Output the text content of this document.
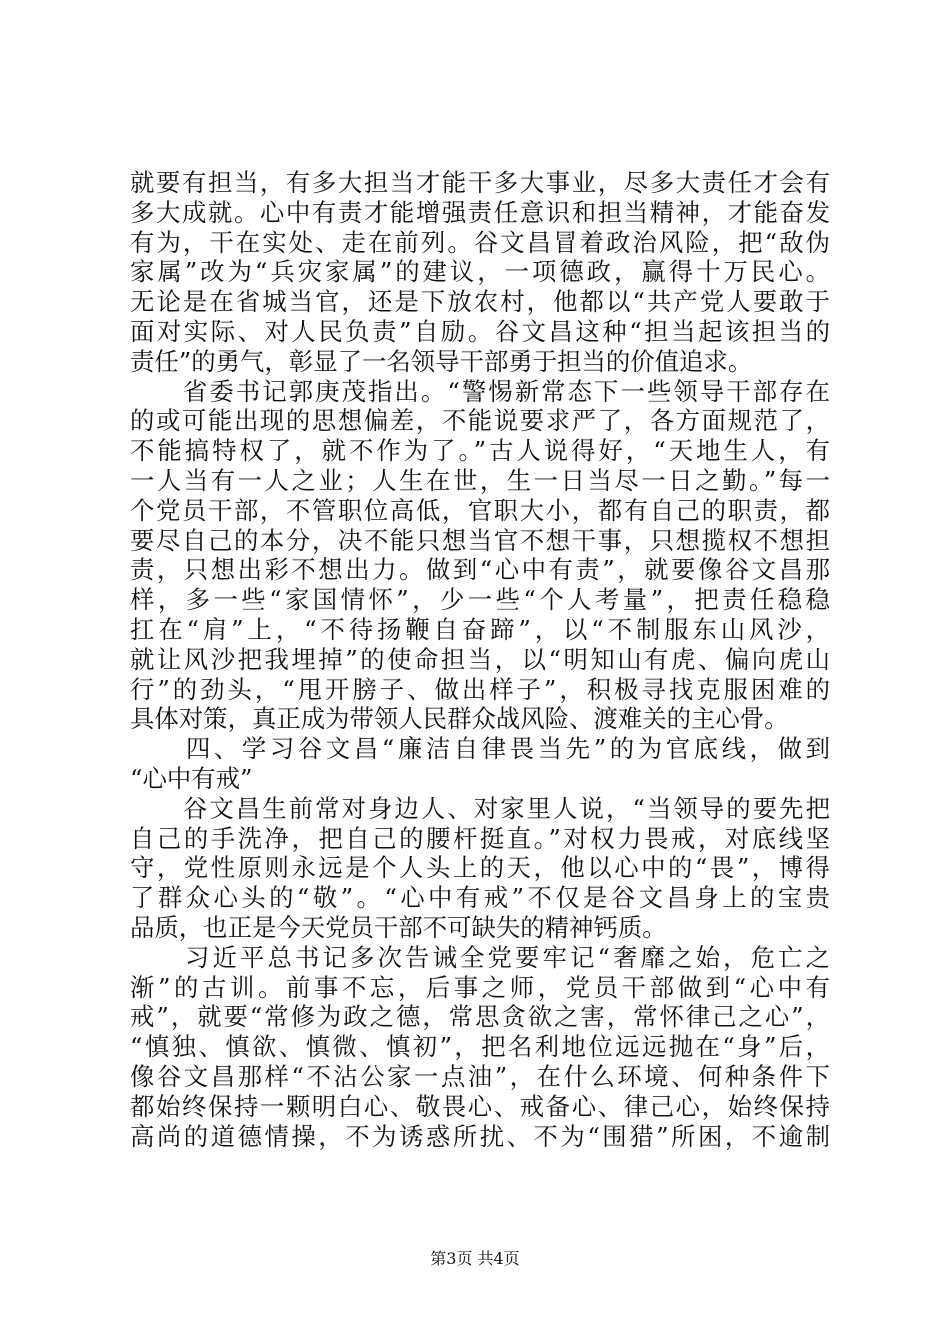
就要有担当，有多大担当才能干多大事业，尽多大责任才会有
多大成就。心中有责才能增强责任意识和担当精神，才能奋发
有为，干在实处、走在前列。谷文昌冒着政治风险，把“敌伪
家属”改为“兵灾家属”的建议，一项德政，赢得十万民心。
无论是在省城当官，还是下放农村，他都以“共产党人要敢于
面对实际、对人民负责”自励。谷文昌这种“担当起该担当的
责任”的勇气，彰显了一名领导干部勇于担当的价值追求。
　　省委书记郭庚茂指出。“警惕新常态下一些领导干部存在
的或可能出现的思想偏差，不能说要求严了，各方面规范了，
不能搞特权了，就不作为了。”古人说得好，“天地生人，有
一人当有一人之业；人生在世，生一日当尽一日之勤。”每一
个党员干部，不管职位高低，官职大小，都有自己的职责，都
要尽自己的本分，决不能只想当官不想干事，只想揽权不想担
责，只想出彩不想出力。做到“心中有责”，就要像谷文昌那
样，多一些“家国情怀”，少一些“个人考量”，把责任稳稳
扛在“肩”上，“不待扬鞭自奋蹄”，以“不制服东山风沙，
就让风沙把我埋掉”的使命担当，以“明知山有虎、偏向虎山
行”的劲头，“甩开膀子、做出样子”，积极寻找克服困难的
具体对策，真正成为带领人民群众战风险、渡难关的主心骨。
　　四、学习谷文昌“廉洁自律畏当先”的为官底线，做到
“心中有戒”
　　谷文昌生前常对身边人、对家里人说，“当领导的要先把
自己的手洗净，把自己的腰杆挺直。”对权力畏戒，对底线坚
守，党性原则永远是个人头上的天，他以心中的“畏”，博得
了群众心头的“敬”。“心中有戒”不仅是谷文昌身上的宝贵
品质，也正是今天党员干部不可缺失的精神钙质。
　　习近平总书记多次告诫全党要牢记“奢靡之始，危亡之
渐”的古训。前事不忘，后事之师，党员干部做到“心中有
戒”，就要“常修为政之德，常思贪欲之害，常怀律己之心”，
“慎独、慎欲、慎微、慎初”，把名利地位远远抛在“身”后，
像谷文昌那样“不沾公家一点油”，在什么环境、何种条件下
都始终保持一颗明白心、敬畏心、戒备心、律己心，始终保持
高尚的道德情操，不为诱惑所扰、不为“围猎”所困，不逾制
第3页 共4页
